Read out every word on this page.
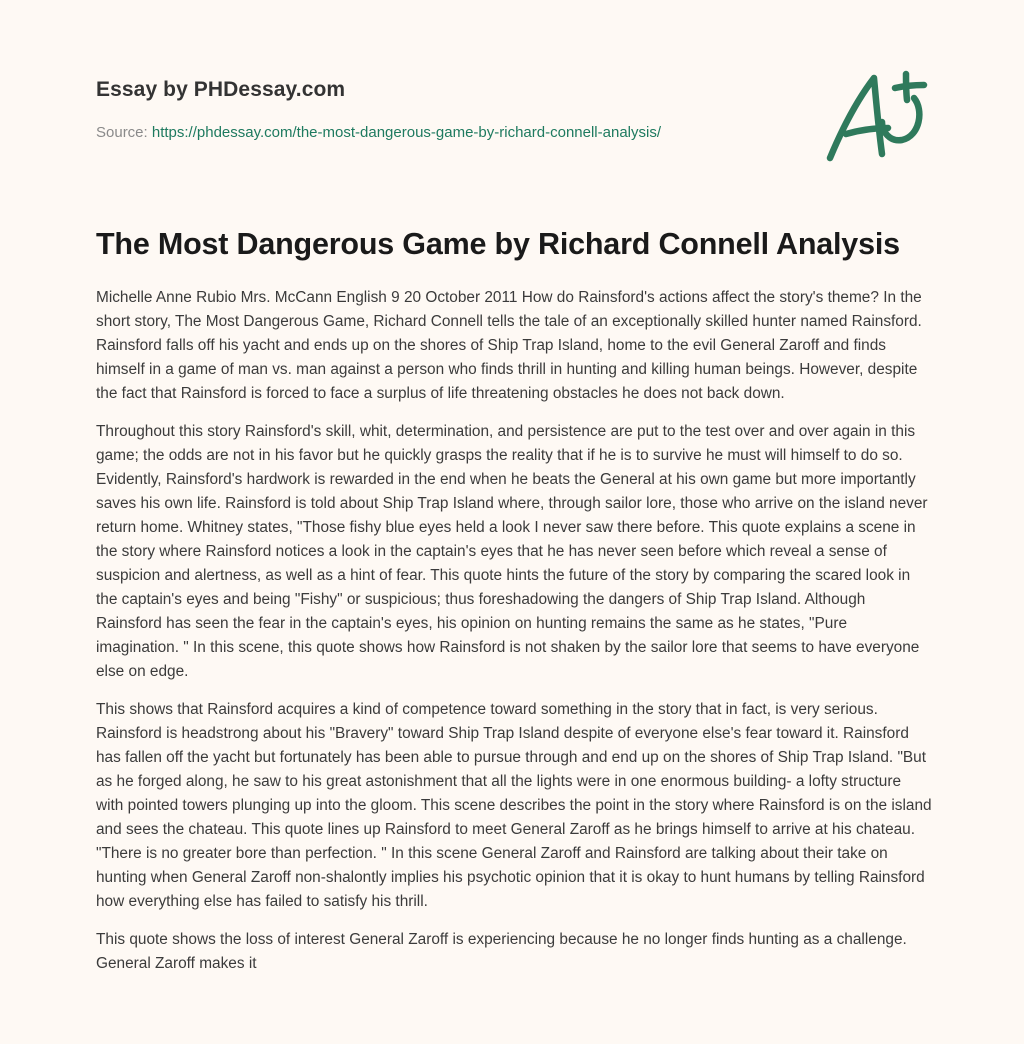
Essay by PHDessay.com
Source: https://phdessay.com/the-most-dangerous-game-by-richard-connell-analysis/
The Most Dangerous Game by Richard Connell Analysis

Michelle Anne Rubio Mrs. McCann English 9 20 October 2011 How do Rainsford's actions affect the story's theme? In the short story, The Most Dangerous Game, Richard Connell tells the tale of an exceptionally skilled hunter named Rainsford. Rainsford falls off his yacht and ends up on the shores of Ship Trap Island, home to the evil General Zaroff and finds himself in a game of man vs. man against a person who finds thrill in hunting and killing human beings. However, despite the fact that Rainsford is forced to face a surplus of life threatening obstacles he does not back down.

Throughout this story Rainsford's skill, whit, determination, and persistence are put to the test over and over again in this game; the odds are not in his favor but he quickly grasps the reality that if he is to survive he must will himself to do so. Evidently, Rainsford's hardwork is rewarded in the end when he beats the General at his own game but more importantly saves his own life. Rainsford is told about Ship Trap Island where, through sailor lore, those who arrive on the island never return home. Whitney states, "Those fishy blue eyes held a look I never saw there before. This quote explains a scene in the story where Rainsford notices a look in the captain's eyes that he has never seen before which reveal a sense of suspicion and alertness, as well as a hint of fear. This quote hints the future of the story by comparing the scared look in the captain's eyes and being "Fishy" or suspicious; thus foreshadowing the dangers of Ship Trap Island. Although Rainsford has seen the fear in the captain's eyes, his opinion on hunting remains the same as he states, "Pure imagination. " In this scene, this quote shows how Rainsford is not shaken by the sailor lore that seems to have everyone else on edge.

This shows that Rainsford acquires a kind of competence toward something in the story that in fact, is very serious. Rainsford is headstrong about his "Bravery" toward Ship Trap Island despite of everyone else's fear toward it. Rainsford has fallen off the yacht but fortunately has been able to pursue through and end up on the shores of Ship Trap Island. "But as he forged along, he saw to his great astonishment that all the lights were in one enormous building- a lofty structure with pointed towers plunging up into the gloom. This scene describes the point in the story where Rainsford is on the island and sees the chateau. This quote lines up Rainsford to meet General Zaroff as he brings himself to arrive at his chateau. "There is no greater bore than perfection. " In this scene General Zaroff and Rainsford are talking about their take on hunting when General Zaroff non-shalontly implies his psychotic opinion that it is okay to hunt humans by telling Rainsford how everything else has failed to satisfy his thrill.

This quote shows the loss of interest General Zaroff is experiencing because he no longer finds hunting as a challenge. General Zaroff makes it
